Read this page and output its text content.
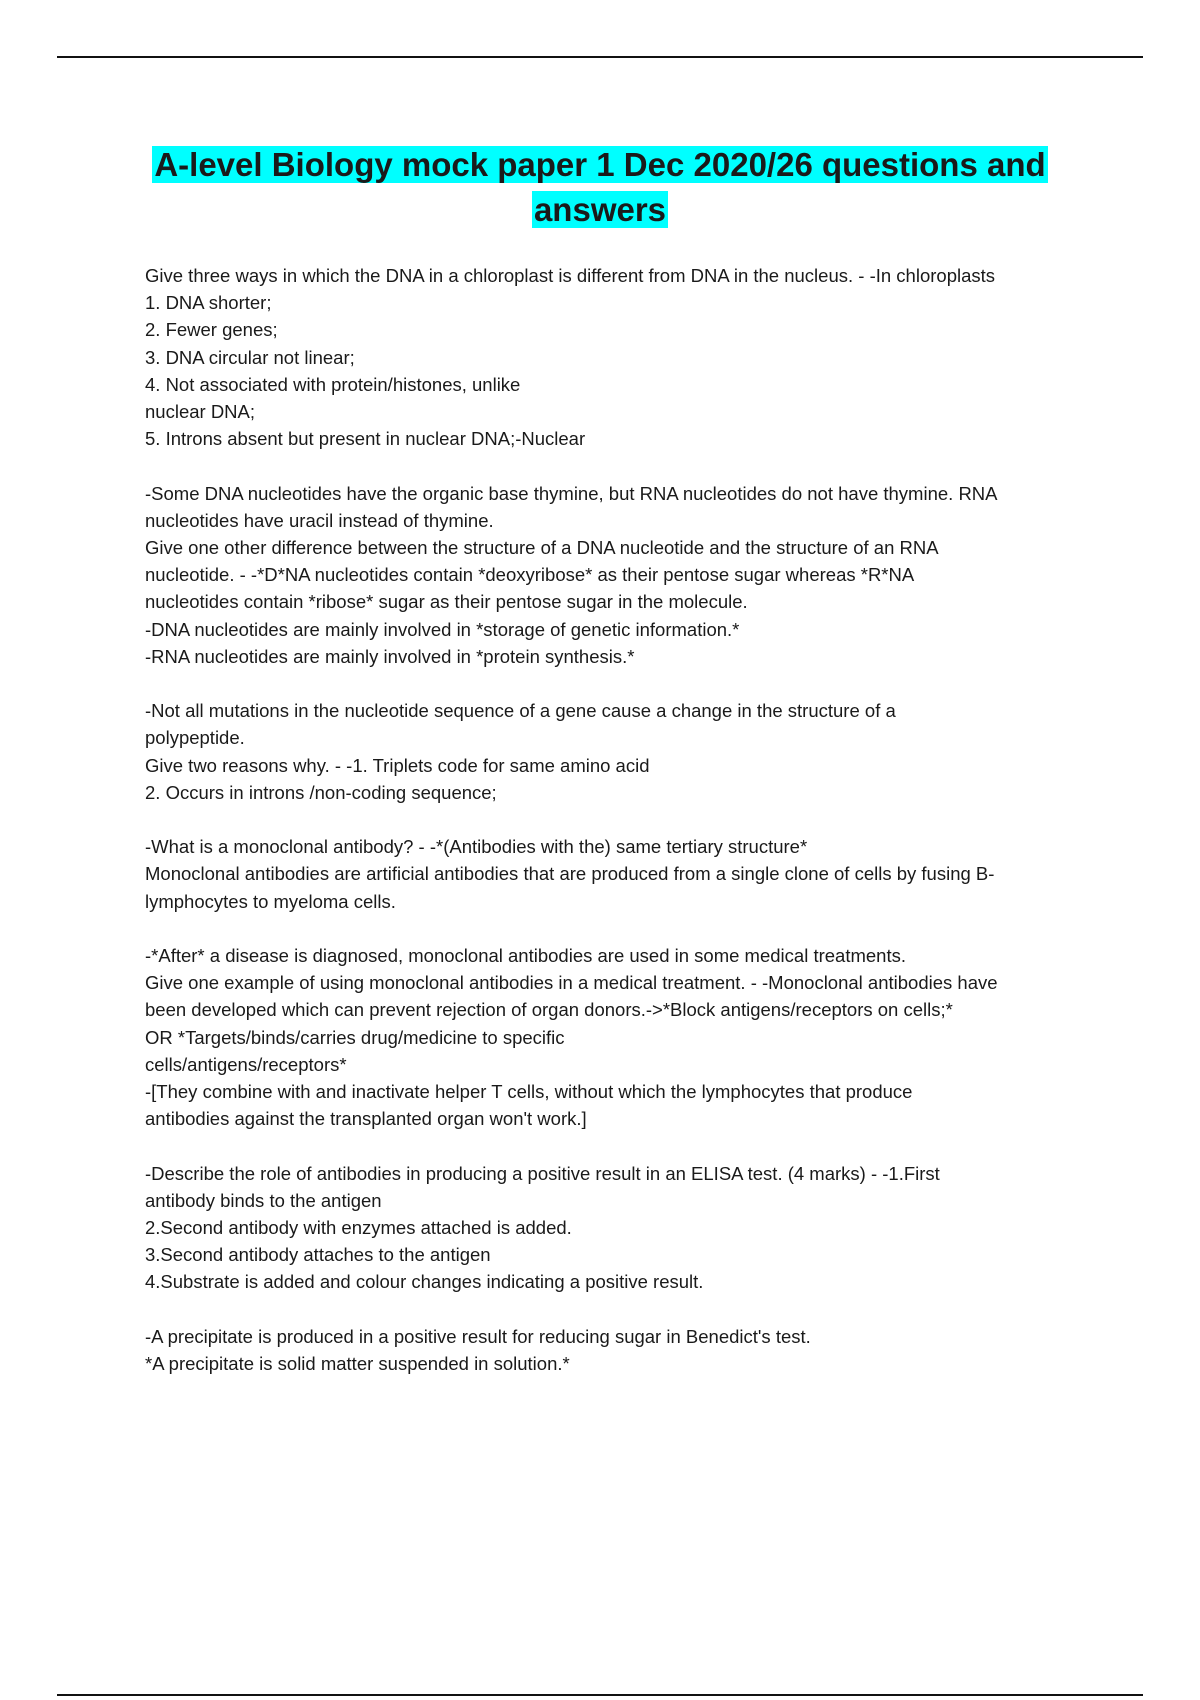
A-level Biology mock paper 1 Dec 2020/26 questions and
answers
Give three ways in which the DNA in a chloroplast is different from DNA in the nucleus. - -In chloroplasts
1. DNA shorter;
2. Fewer genes;
3. DNA circular not linear;
4. Not associated with protein/histones, unlike
nuclear DNA;
5. Introns absent but present in nuclear DNA;-Nuclear
-Some DNA nucleotides have the organic base thymine, but RNA nucleotides do not have thymine. RNA
nucleotides have uracil instead of thymine.
Give one other difference between the structure of a DNA nucleotide and the structure of an RNA
nucleotide. - -*D*NA nucleotides contain *deoxyribose* as their pentose sugar whereas *R*NA
nucleotides contain *ribose* sugar as their pentose sugar in the molecule.
-DNA nucleotides are mainly involved in *storage of genetic information.*
-RNA nucleotides are mainly involved in *protein synthesis.*
-Not all mutations in the nucleotide sequence of a gene cause a change in the structure of a
polypeptide.
Give two reasons why. - -1. Triplets code for same amino acid
2. Occurs in introns /non-coding sequence;
-What is a monoclonal antibody? - -*(Antibodies with the) same tertiary structure*
Monoclonal antibodies are artificial antibodies that are produced from a single clone of cells by fusing B-
lymphocytes to myeloma cells.
-*After* a disease is diagnosed, monoclonal antibodies are used in some medical treatments.
Give one example of using monoclonal antibodies in a medical treatment. - -Monoclonal antibodies have
been developed which can prevent rejection of organ donors.->*Block antigens/receptors on cells;*
OR *Targets/binds/carries drug/medicine to specific
cells/antigens/receptors*
-[They combine with and inactivate helper T cells, without which the lymphocytes that produce
antibodies against the transplanted organ won't work.]
-Describe the role of antibodies in producing a positive result in an ELISA test. (4 marks) - -1.First
antibody binds to the antigen
2.Second antibody with enzymes attached is added.
3.Second antibody attaches to the antigen
4.Substrate is added and colour changes indicating a positive result.
-A precipitate is produced in a positive result for reducing sugar in Benedict's test.
*A precipitate is solid matter suspended in solution.*
